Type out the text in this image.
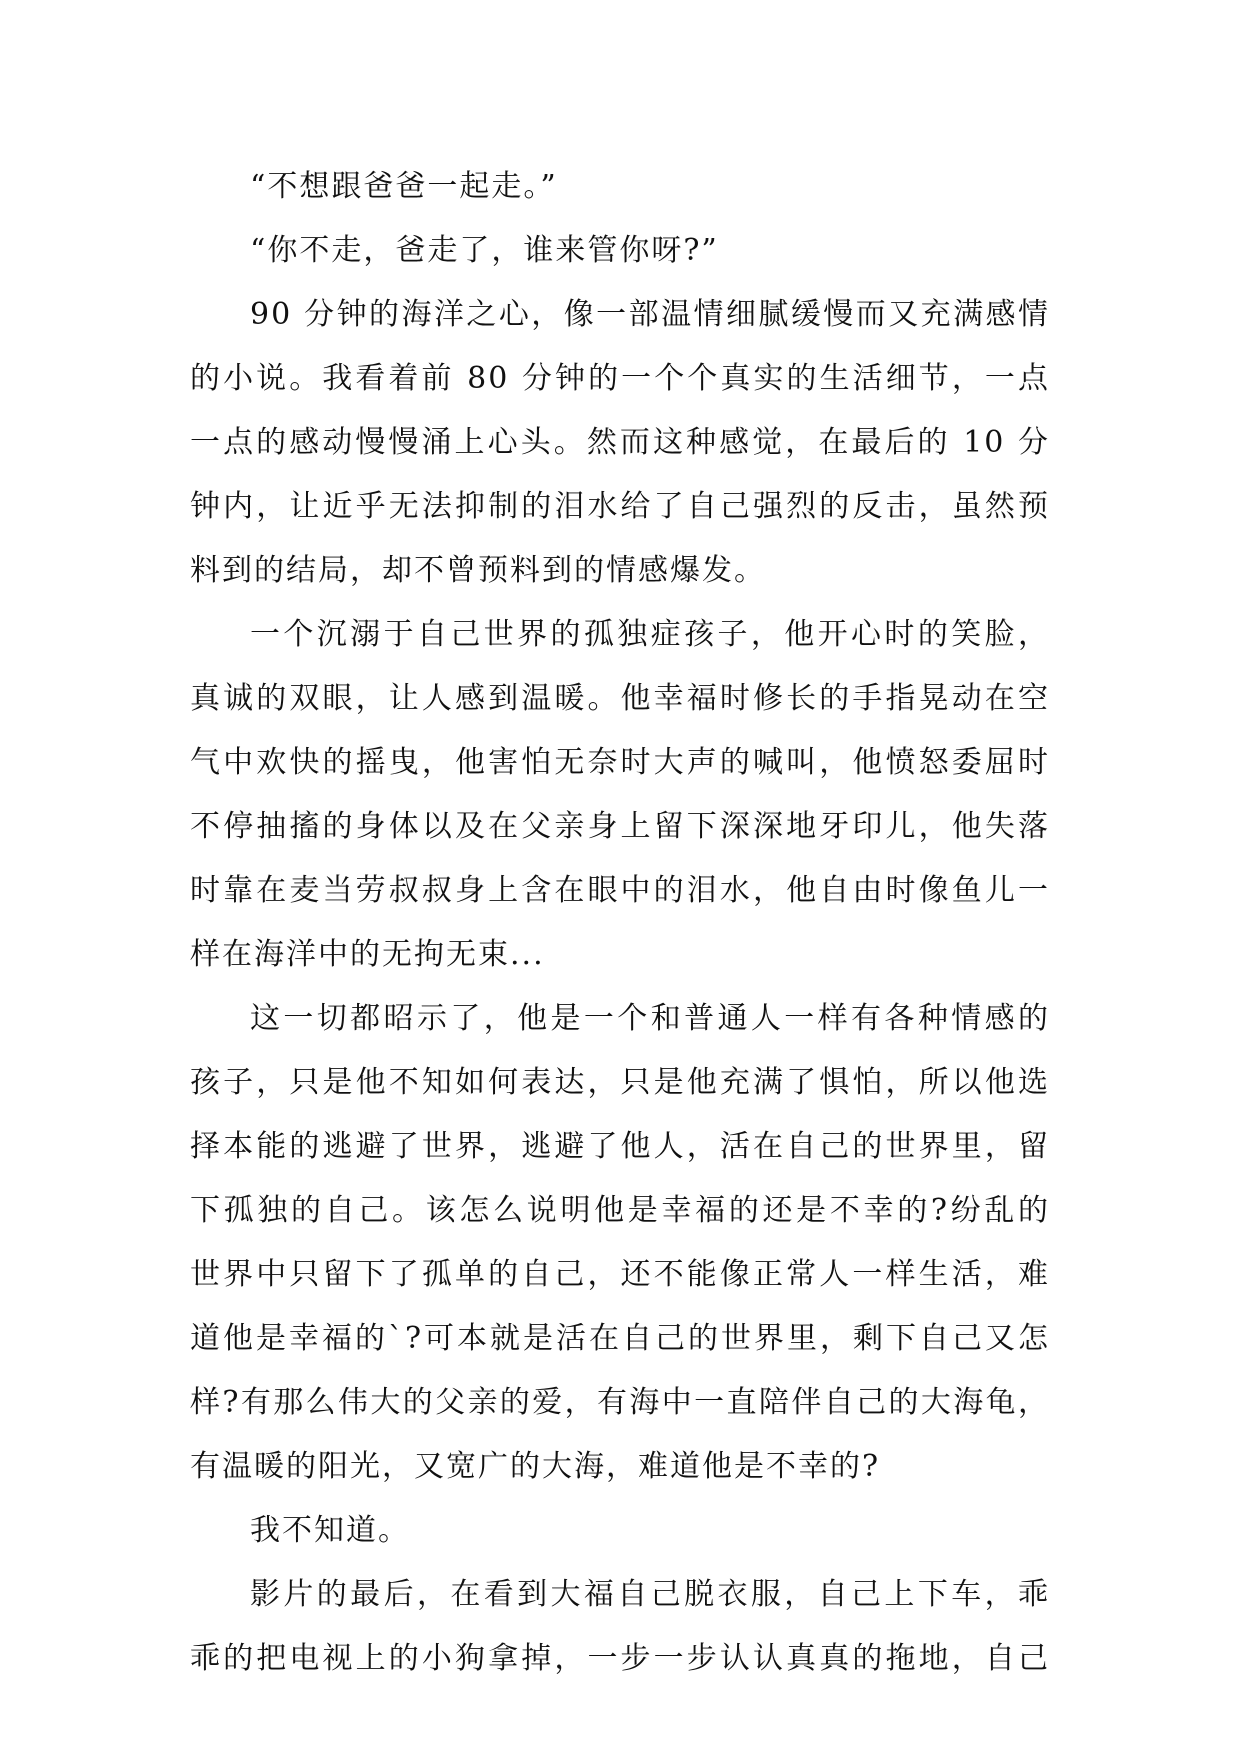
“不想跟爸爸一起走。”
“你不走，爸走了，谁来管你呀?”
90 分钟的海洋之心，像一部温情细腻缓慢而又充满感情
的小说。我看着前 80 分钟的一个个真实的生活细节，一点
一点的感动慢慢涌上心头。然而这种感觉，在最后的 10 分
钟内，让近乎无法抑制的泪水给了自己强烈的反击，虽然预
料到的结局，却不曾预料到的情感爆发。
一个沉溺于自己世界的孤独症孩子，他开心时的笑脸，
真诚的双眼，让人感到温暖。他幸福时修长的手指晃动在空
气中欢快的摇曳，他害怕无奈时大声的喊叫，他愤怒委屈时
不停抽搐的身体以及在父亲身上留下深深地牙印儿，他失落
时靠在麦当劳叔叔身上含在眼中的泪水，他自由时像鱼儿一
样在海洋中的无拘无束...
这一切都昭示了，他是一个和普通人一样有各种情感的
孩子，只是他不知如何表达，只是他充满了惧怕，所以他选
择本能的逃避了世界，逃避了他人，活在自己的世界里，留
下孤独的自己。该怎么说明他是幸福的还是不幸的?纷乱的
世界中只留下了孤单的自己，还不能像正常人一样生活，难
道他是幸福的`?可本就是活在自己的世界里，剩下自己又怎
样?有那么伟大的父亲的爱，有海中一直陪伴自己的大海龟，
有温暖的阳光，又宽广的大海，难道他是不幸的?
我不知道。
影片的最后，在看到大福自己脱衣服，自己上下车，乖
乖的把电视上的小狗拿掉，一步一步认认真真的拖地，自己
